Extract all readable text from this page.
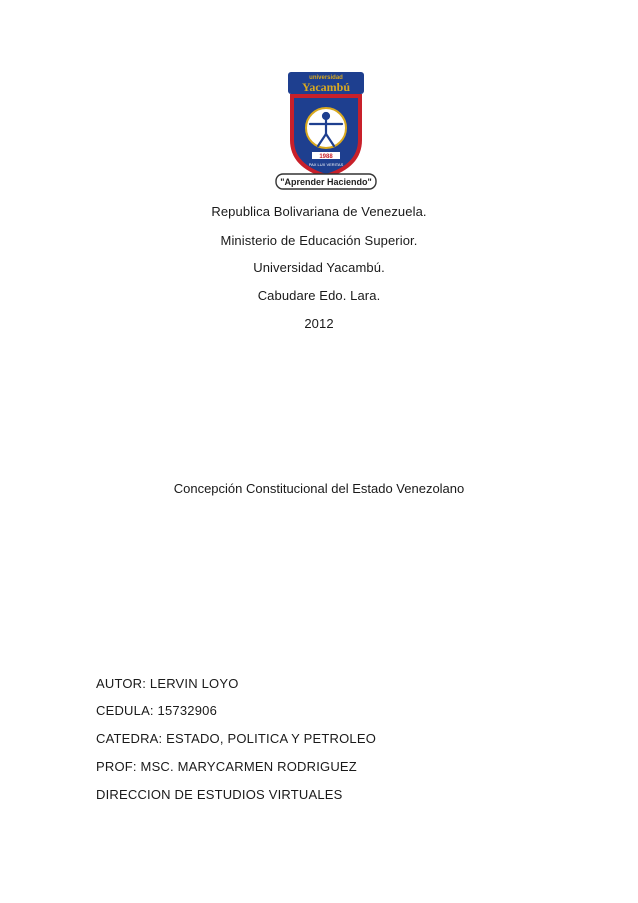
universidad
Yacambú
1988
PAX LUX VERITAS
"Aprender Haciendo"
Republica Bolivariana de Venezuela.
Ministerio de Educación Superior.
Universidad Yacambú.
Cabudare Edo. Lara.
2012
Concepción Constitucional del Estado Venezolano
AUTOR: LERVIN LOYO
CEDULA: 15732906
CATEDRA: ESTADO, POLITICA Y PETROLEO
PROF: MSC. MARYCARMEN RODRIGUEZ
DIRECCION DE ESTUDIOS VIRTUALES
